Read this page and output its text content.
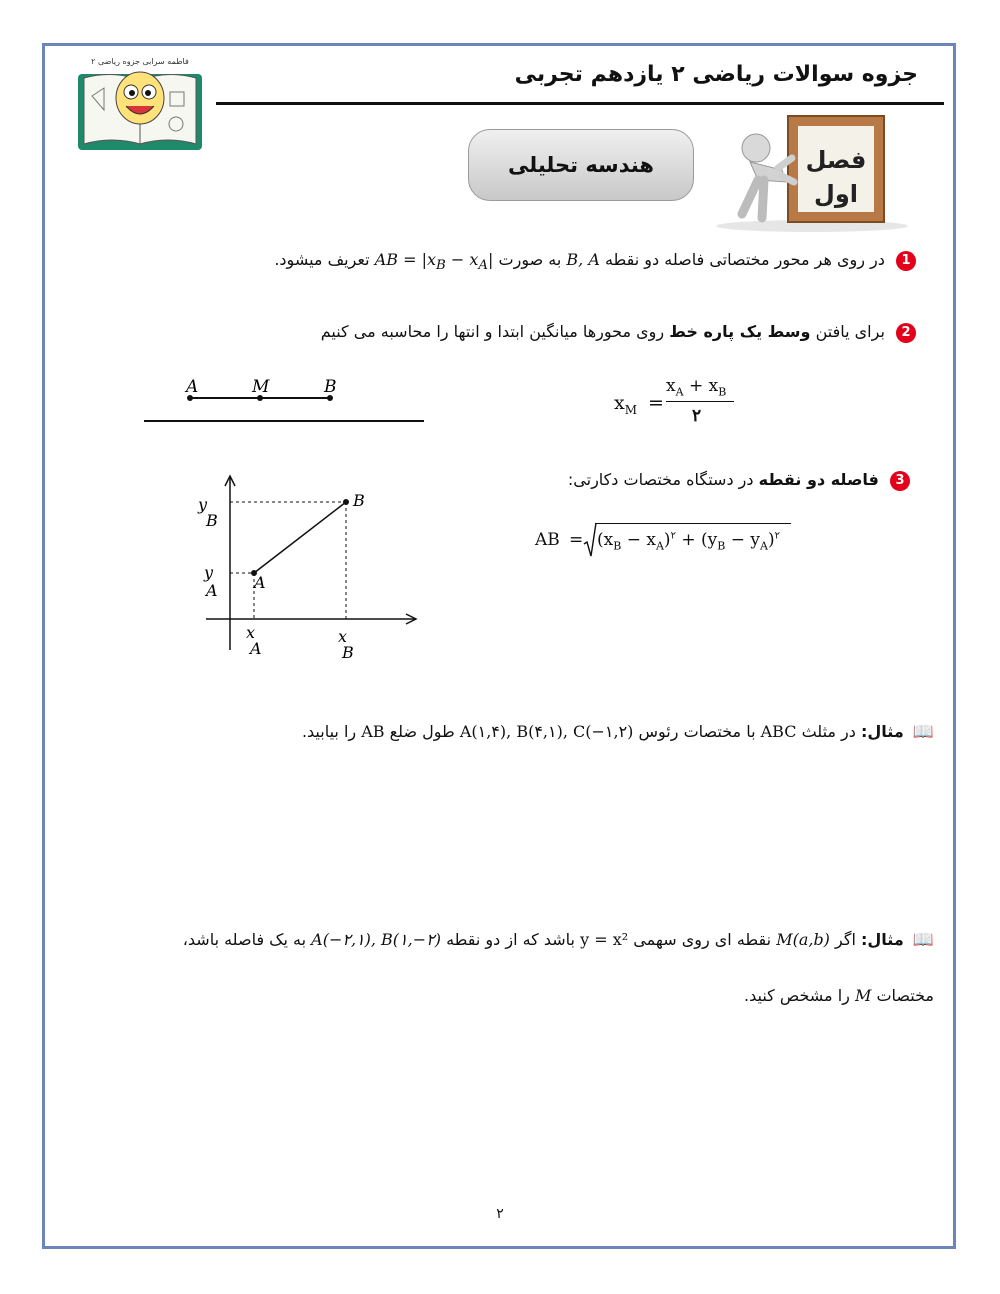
فاطمه سرابی جزوه ریاضی ۲
جزوه سوالات ریاضی ۲ یازدهم تجربی
هندسه تحلیلی	فصل
اول
1 در روی هر محور مختصاتی فاصله دو نقطه B, A به صورت AB = $|x_B - x_A|$ تعریف میشود.
2 برای یافتن وسط یک پاره خط روی محورها میانگین ابتدا و انتها را محاسبه می کنیم
A	M	B
$x_M$ =
$x_A + x_B$
۲
3 فاصله دو نقطه در دستگاه مختصات دکارتی:
AB = $(x_B - x_A)^۲ + (y_B - y_A)^۲$
y
B
y
A A
B
x
A
x
B
📖 مثال: در مثلث ABC با مختصات رئوس A(۱,۴), B(۴,۱), C(−۱,۲) طول ضلع AB را بیابید.
📖 مثال: اگر M(a,b) نقطه ای روی سهمی y = x² باشد که از دو نقطه A(−۲,۱), B(۱,−۲) به یک فاصله باشد،
مختصات M را مشخص کنید.
۲
